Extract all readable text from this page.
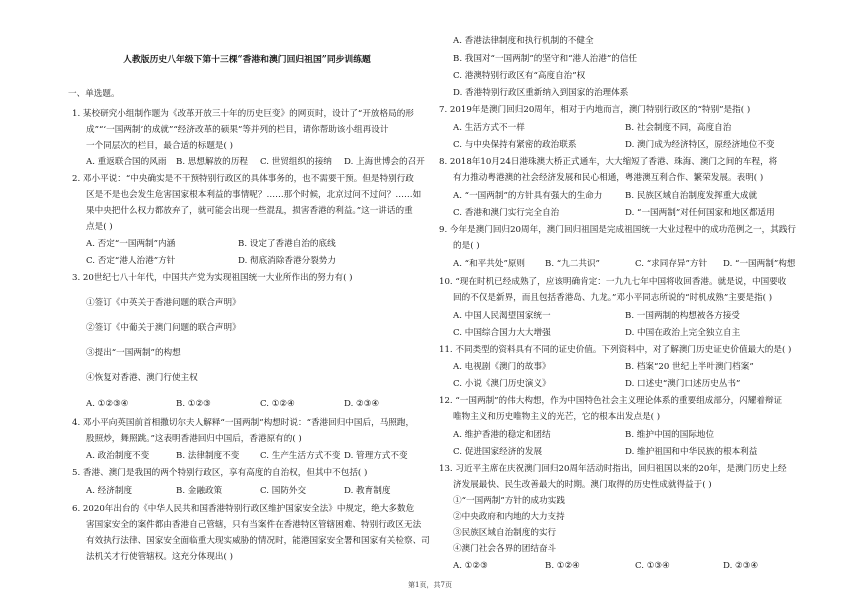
人教版历史八年级下第十三棵“香港和澳门回归祖国”同步训练题
一、单选题。
1. 某校研究小组制作题为《改革开放三十年的历史巨变》的网页时，设计了“开放格局的形
成”“‘一国两制’的成就”“经济改革的硕果”等并列的栏目，请你帮助该小组再设计
一个同层次的栏目，最合适的标题是( )
A. 重返联合国的风雨 B. 思想解放的历程 C. 世贸组织的接纳 D. 上海世博会的召开
2. 邓小平说：“中央确实是不干预特别行政区的具体事务的，也不需要干预。但是特别行政
区是不是也会发生危害国家根本利益的事情呢？……那个时候，北京过问不过问？……如
果中央把什么权力都放弃了，就可能会出现一些混乱，损害香港的利益。”这一讲话的重
点是( )
A. 否定“一国两制”内涵	B. 设定了香港自治的底线
C. 否定“港人治港”方针	D. 彻底消除香港分裂势力
3. 20世纪七八十年代，中国共产党为实现祖国统一大业所作出的努力有( )
①签订《中英关于香港问题的联合声明》
②签订《中葡关于澳门问题的联合声明》
③提出“一国两制”的构想
④恢复对香港、澳门行使主权
A. ①②③④	B. ①②③	C. ①②④	D. ②③④
4. 邓小平向英国前首相撒切尔夫人解释“一国两制”构想时说：“香港回归中国后，马照跑，
股照炒，舞照跳。”这表明香港回归中国后，香港原有的( )
A. 政治制度不变	B. 法律制度不变 C. 生产生活方式不变 D. 管理方式不变
5. 香港、澳门是我国的两个特别行政区，享有高度的自治权，但其中不包括( )
A. 经济制度	B. 金融政策	C. 国防外交	D. 教育制度
6. 2020年出台的《中华人民共和国香港特别行政区维护国家安全法》中规定，绝大多数危
害国家安全的案件都由香港自己管辖，只有当案件在香港特区管辖困难、特别行政区无法
有效执行法律、国家安全面临重大现实威胁的情况时，能港国家安全署和国家有关检察、司
法机关才行使管辖权。这充分体现出( )
A. 香港法律制度和执行机制的不健全
B. 我国对“一国两制”的坚守和“港人治港”的信任
C. 港澳特别行政区有“高度自治”权
D. 香港特别行政区重新纳入到国家的治理体系
7. 2019年是澳门回归20周年，相对于内地而言，澳门特别行政区的“特别”是指( )
A. 生活方式不一样	B. 社会制度不同，高度自治
C. 与中央保持有紧密的政治联系	D. 澳门成为经济特区，原经济地位不变
8. 2018年10月24日港珠澳大桥正式通车，大大缩短了香港、珠海、澳门之间的车程，将
有力推动粤港澳的社会经济发展和民心相通，粤港澳互利合作、繁荣发展。表明( )
A. “一国两制”的方针具有强大的生命力	B. 民族区域自治制度发挥重大成就
C. 香港和澳门实行完全自治	D. “一国两制”对任何国家和地区都适用
9. 今年是澳门回归20周年，澳门回归祖国是完成祖国统一大业过程中的成功范例之一，其践行
的是( )
A. “和平共处”原则 B. “九二共识”	C. “求同存异”方针 D. “一国两制”构想
10. “现在时机已经成熟了，应该明确肯定：一九九七年中国将收回香港。就是说，中国要收
回的不仅是新界，而且包括香港岛、九龙。”邓小平同志所说的“时机成熟”主要是指( )
A. 中国人民渴望国家统一	B. 一国两制的构想被各方接受
C. 中国综合国力大大增强	D. 中国在政治上完全独立自主
11. 不同类型的资料具有不同的证史价值。下列资料中，对了解澳门历史证史价值最大的是( )
A. 电视剧《澳门的故事》	B. 档案“20 世纪上半叶澳门档案”
C. 小说《澳门历史演义》	D. 口述史“澳门口述历史丛书”
12. “一国两制”的伟大构想，作为中国特色社会主义理论体系的重要组成部分，闪耀着辩证
唯物主义和历史唯物主义的光芒，它的根本出发点是( )
A. 维护香港的稳定和团结	B. 维护中国的国际地位
C. 促进国家经济的发展	D. 维护祖国和中华民族的根本利益
13. 习近平主席在庆祝澳门回归20周年活动时指出，回归祖国以来的20年，是澳门历史上经
济发展最快、民生改善最大的时期。澳门取得的历史性成就得益于( )
①“一国两制”方针的成功实践
②中央政府和内地的大力支持
③民族区域自治制度的实行
④澳门社会各界的团结奋斗
A. ①②③	B. ①②④	C. ①③④	D. ②③④
第1页，共7页
